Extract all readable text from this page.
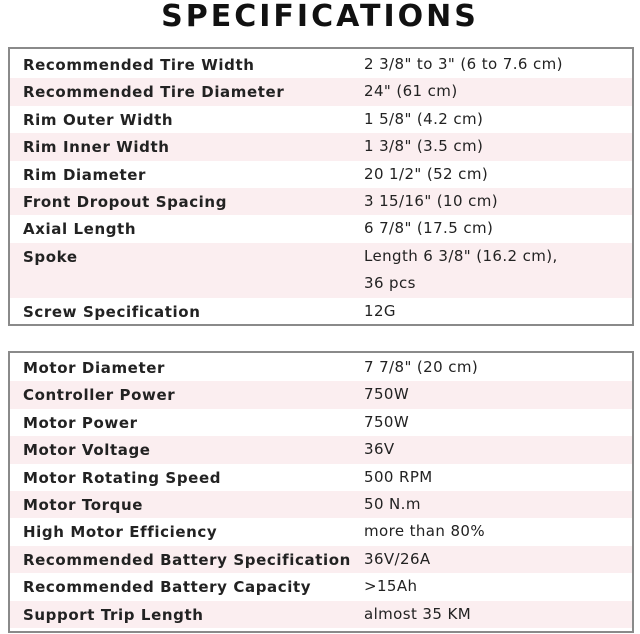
SPECIFICATIONS
Recommended Tire Width	2 3/8" to 3" (6 to 7.6 cm)
Recommended Tire Diameter	24" (61 cm)
Rim Outer Width	1 5/8" (4.2 cm)
Rim Inner Width	1 3/8" (3.5 cm)
Rim Diameter	20 1/2" (52 cm)
Front Dropout Spacing	3 15/16" (10 cm)
Axial Length	6 7/8" (17.5 cm)
Spoke	Length 6 3/8" (16.2 cm),
36 pcs
Screw Specification	12G
Motor Diameter	7 7/8" (20 cm)
Controller Power	750W
Motor Power	750W
Motor Voltage	36V
Motor Rotating Speed	500 RPM
Motor Torque	50 N.m
High Motor Efficiency	more than 80%
Recommended Battery Specification 36V/26A
Recommended Battery Capacity	>15Ah
Support Trip Length	almost 35 KM
